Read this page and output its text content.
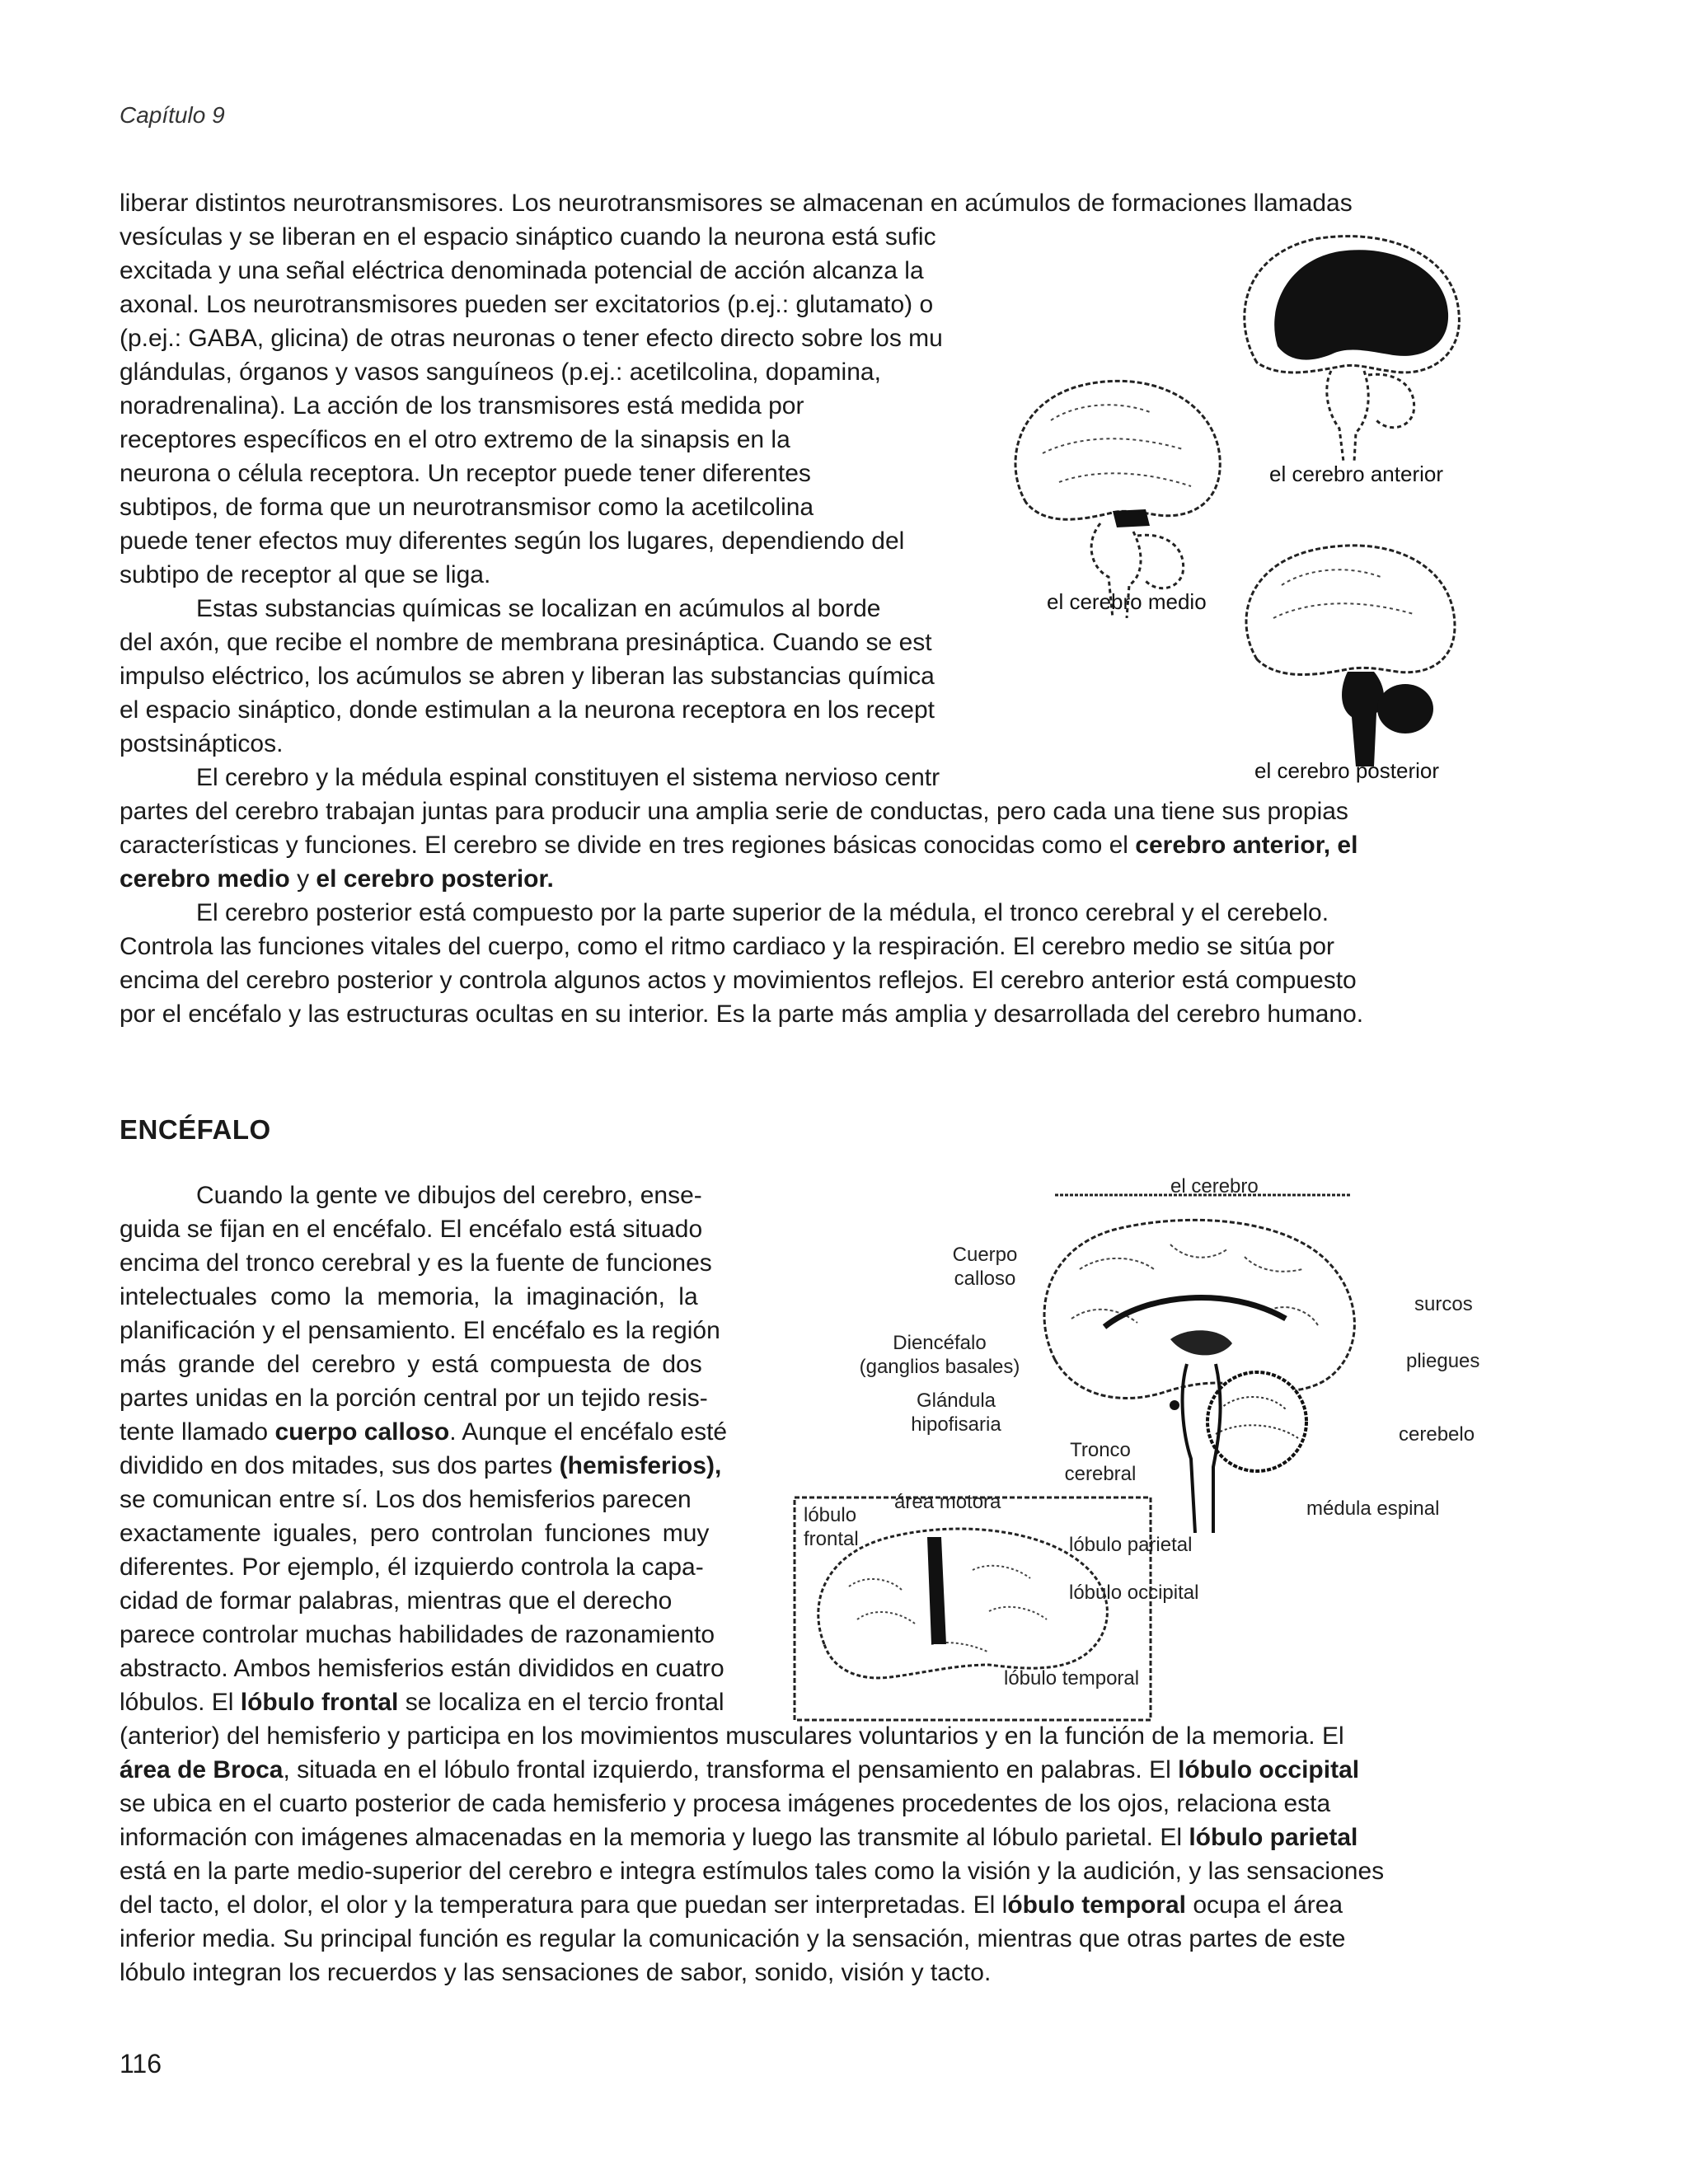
Capítulo 9
liberar distintos neurotransmisores. Los neurotransmisores se almacenan en acúmulos de formaciones llamadas
vesículas y se liberan en el espacio sináptico cuando la neurona está sufic
excitada y una señal eléctrica denominada potencial de acción alcanza la
axonal. Los neurotransmisores pueden ser excitatorios (p.ej.: glutamato) o
(p.ej.: GABA, glicina) de otras neuronas o tener efecto directo sobre los mu
glándulas, órganos y vasos sanguíneos (p.ej.: acetilcolina, dopamina,
noradrenalina). La acción de los transmisores está medida por
receptores específicos en el otro extremo de la sinapsis en la
neurona o célula receptora. Un receptor puede tener diferentes
subtipos, de forma que un neurotransmisor como la acetilcolina
puede tener efectos muy diferentes según los lugares, dependiendo del
subtipo de receptor al que se liga.
Estas substancias químicas se localizan en acúmulos al borde
del axón, que recibe el nombre de membrana presináptica. Cuando se est
impulso eléctrico, los acúmulos se abren y liberan las substancias química
el espacio sináptico, donde estimulan a la neurona receptora en los recept
postsinápticos.
El cerebro y la médula espinal constituyen el sistema nervioso centr
partes del cerebro trabajan juntas para producir una amplia serie de conductas, pero cada una tiene sus propias
características y funciones. El cerebro se divide en tres regiones básicas conocidas como el cerebro anterior, el
cerebro medio y el cerebro posterior.
El cerebro posterior está compuesto por la parte superior de la médula, el tronco cerebral y el cerebelo.
Controla las funciones vitales del cuerpo, como el ritmo cardiaco y la respiración. El cerebro medio se sitúa por
encima del cerebro posterior y controla algunos actos y movimientos reflejos. El cerebro anterior está compuesto
por el encéfalo y las estructuras ocultas en su interior. Es la parte más amplia y desarrollada del cerebro humano.
el cerebro anterior
el cerebro medio
el cerebro posterior
ENCÉFALO
Cuando la gente ve dibujos del cerebro, ense-
guida se fijan en el encéfalo. El encéfalo está situado
encima del tronco cerebral y es la fuente de funciones
intelectuales como la memoria, la imaginación, la
planificación y el pensamiento. El encéfalo es la región
más grande del cerebro y está compuesta de dos
partes unidas en la porción central por un tejido resis-
tente llamado cuerpo calloso. Aunque el encéfalo esté
dividido en dos mitades, sus dos partes (hemisferios),
se comunican entre sí. Los dos hemisferios parecen
exactamente iguales, pero controlan funciones muy
diferentes. Por ejemplo, él izquierdo controla la capa-
cidad de formar palabras, mientras que el derecho
parece controlar muchas habilidades de razonamiento
abstracto. Ambos hemisferios están divididos en cuatro
lóbulos. El lóbulo frontal se localiza en el tercio frontal
(anterior) del hemisferio y participa en los movimientos musculares voluntarios y en la función de la memoria. El
área de Broca, situada en el lóbulo frontal izquierdo, transforma el pensamiento en palabras. El lóbulo occipital
se ubica en el cuarto posterior de cada hemisferio y procesa imágenes procedentes de los ojos, relaciona esta
información con imágenes almacenadas en la memoria y luego las transmite al lóbulo parietal. El lóbulo parietal
está en la parte medio-superior del cerebro e integra estímulos tales como la visión y la audición, y las sensaciones
del tacto, el dolor, el olor y la temperatura para que puedan ser interpretadas. El lóbulo temporal ocupa el área
inferior media. Su principal función es regular la comunicación y la sensación, mientras que otras partes de este
lóbulo integran los recuerdos y las sensaciones de sabor, sonido, visión y tacto.
el cerebro
Cuerpo
calloso
surcos
Diencéfalo
(ganglios basales)	pliegues
Glándula
hipofisaria	cerebelo
Tronco
cerebral
médula espinal
lóbulo
frontal
área motora
lóbulo parietal
lóbulo occipital
lóbulo temporal
116
